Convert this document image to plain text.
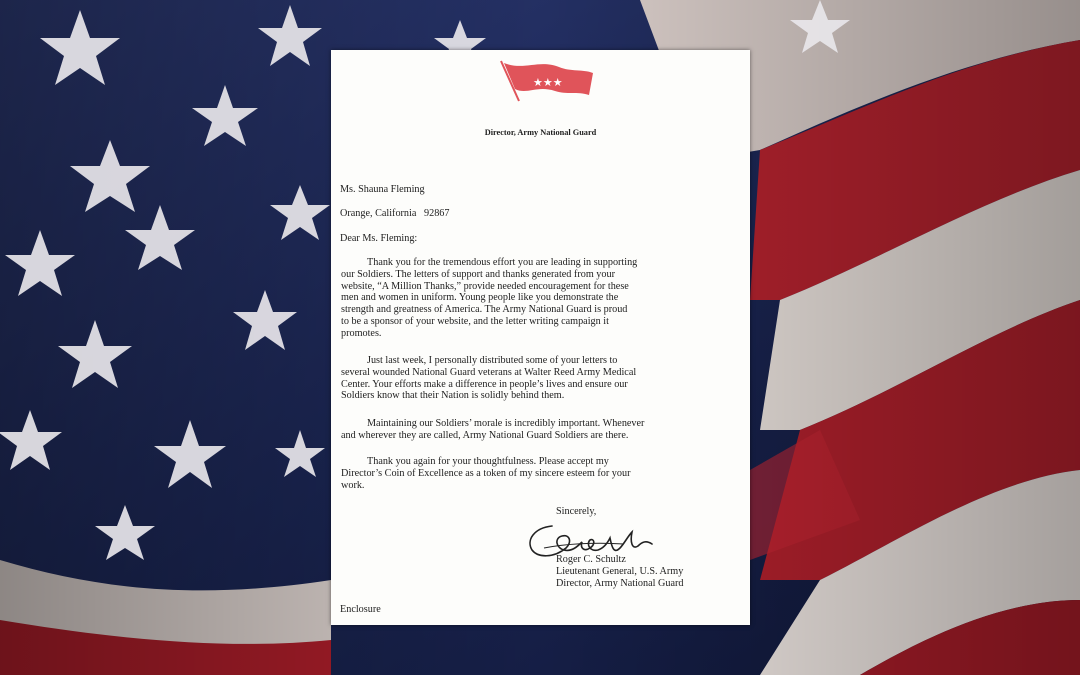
★★★
Director, Army National Guard
Ms. Shauna Fleming
Orange, California   92867
Dear Ms. Fleming:
Thank you for the tremendous effort you are leading in supporting
our Soldiers. The letters of support and thanks generated from your
website, “A Million Thanks,” provide needed encouragement for these
men and women in uniform. Young people like you demonstrate the
strength and greatness of America. The Army National Guard is proud
to be a sponsor of your website, and the letter writing campaign it
promotes.
Just last week, I personally distributed some of your letters to
several wounded National Guard veterans at Walter Reed Army Medical
Center. Your efforts make a difference in people’s lives and ensure our
Soldiers know that their Nation is solidly behind them.
Maintaining our Soldiers’ morale is incredibly important. Whenever
and wherever they are called, Army National Guard Soldiers are there.
Thank you again for your thoughtfulness. Please accept my
Director’s Coin of Excellence as a token of my sincere esteem for your
work.
Sincerely,
Roger C. Schultz
Lieutenant General, U.S. Army
Director, Army National Guard
Enclosure
